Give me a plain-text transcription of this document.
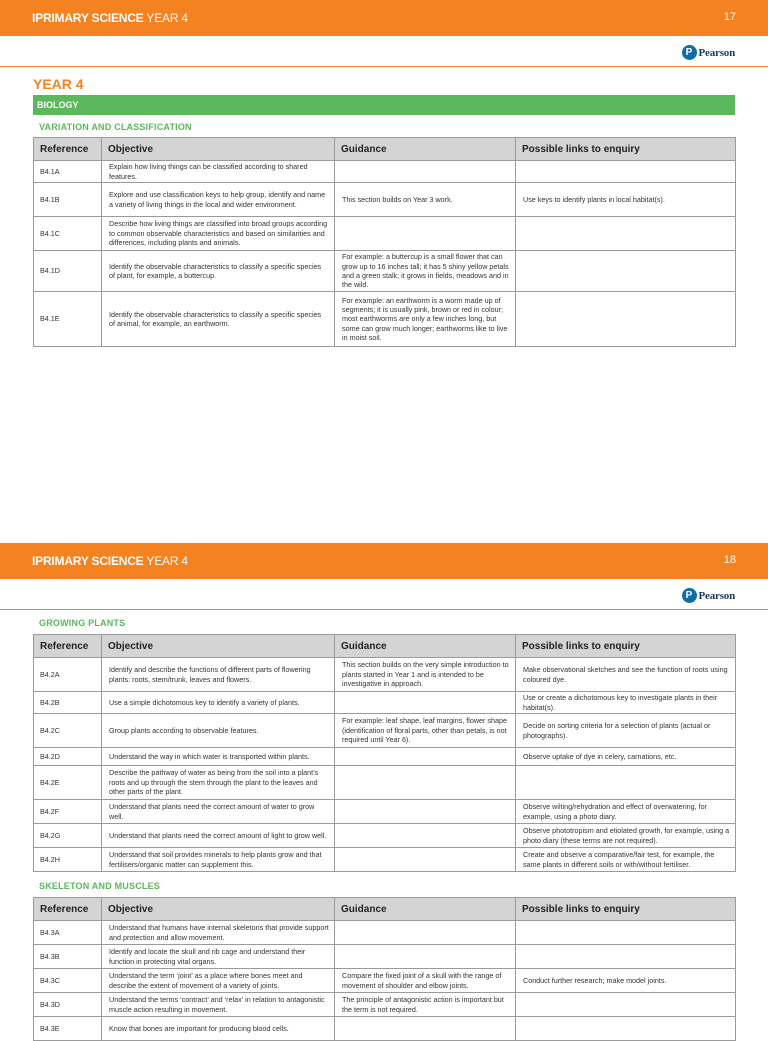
IPRIMARY SCIENCE YEAR 4	17
P Pearson
YEAR 4
BIOLOGY
VARIATION AND CLASSIFICATION
Reference	Objective	Guidance	Possible links to enquiry
B4.1A	Explain how living things can be classified according to shared features.		
B4.1B	Explore and use classification keys to help group, identify and name a variety of living things in the local and wider environment.	This section builds on Year 3 work.	Use keys to identify plants in local habitat(s).
B4.1C	Describe how living things are classified into broad groups according to common observable characteristics and based on similarities and differences, including plants and animals.		
B4.1D	Identify the observable characteristics to classify a specific species of plant, for example, a buttercup.	For example: a buttercup is a small flower that can grow up to 16 inches tall; it has 5 shiny yellow petals and a green stalk; it grows in fields, meadows and in the wild.	
B4.1E	Identify the observable characteristics to classify a specific species of animal, for example, an earthworm.	For example: an earthworm is a worm made up of segments; it is usually pink, brown or red in colour; most earthworms are only a few inches long, but some can grow much longer; earthworms like to live in moist soil.	
IPRIMARY SCIENCE YEAR 4	18
P Pearson
GROWING PLANTS
Reference	Objective	Guidance	Possible links to enquiry
B4.2A	Identify and describe the functions of different parts of flowering plants: roots, stem/trunk, leaves and flowers.	This section builds on the very simple introduction to plants started in Year 1 and is intended to be investigative in approach.	Make observational sketches and see the function of roots using coloured dye.
B4.2B	Use a simple dichotomous key to identify a variety of plants.		Use or create a dichotomous key to investigate plants in their habitat(s).
B4.2C	Group plants according to observable features.	For example: leaf shape, leaf margins, flower shape (identification of floral parts, other than petals, is not required until Year 6).	Decide on sorting criteria for a selection of plants (actual or photographs).
B4.2D	Understand the way in which water is transported within plants.		Observe uptake of dye in celery, carnations, etc.
B4.2E	Describe the pathway of water as being from the soil into a plant’s roots and up through the stem through the plant to the leaves and other parts of the plant.		
B4.2F	Understand that plants need the correct amount of water to grow well.		Observe wilting/rehydration and effect of overwatering, for example, using a photo diary.
B4.2G	Understand that plants need the correct amount of light to grow well.		Observe phototropism and etiolated growth, for example, using a photo diary (these terms are not required).
B4.2H	Understand that soil provides minerals to help plants grow and that fertilisers/organic matter can supplement this.		Create and observe a comparative/fair test, for example, the same plants in different soils or with/without fertiliser.
SKELETON AND MUSCLES
Reference	Objective	Guidance	Possible links to enquiry
B4.3A	Understand that humans have internal skeletons that provide support and protection and allow movement.		
B4.3B	Identify and locate the skull and rib cage and understand their function in protecting vital organs.		
B4.3C	Understand the term ‘joint’ as a place where bones meet and describe the extent of movement of a variety of joints.	Compare the fixed joint of a skull with the range of movement of shoulder and elbow joints.	Conduct further research; make model joints.
B4.3D	Understand the terms ‘contract’ and ‘relax’ in relation to antagonistic muscle action resulting in movement.	The principle of antagonistic action is important but the term is not required.	
B4.3E	Know that bones are important for producing blood cells.		
